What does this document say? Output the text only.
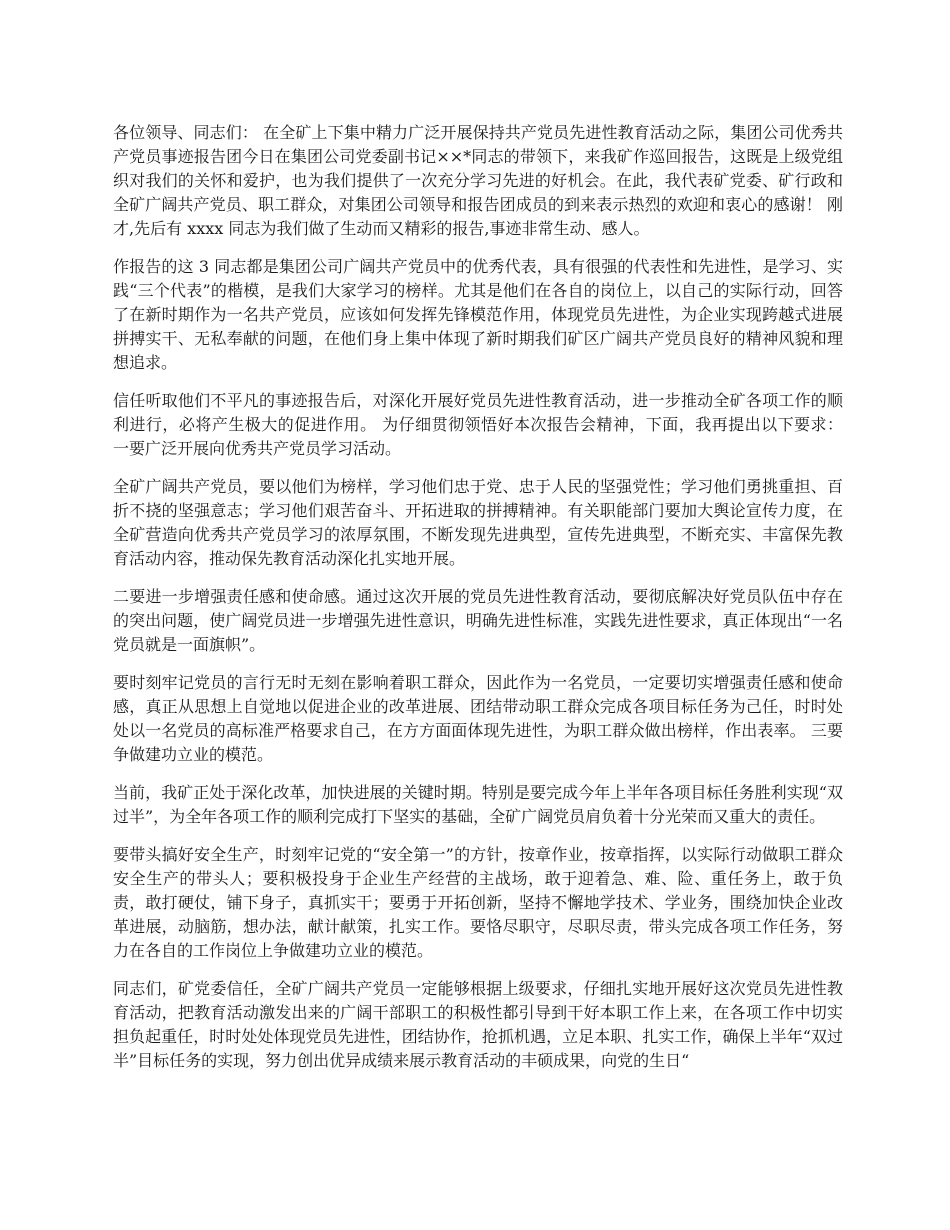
各位领导、同志们： 在全矿上下集中精力广泛开展保持共产党员先进性教育活动之际，集团公司优秀共产党员事迹报告团今日在集团公司党委副书记××*同志的带领下，来我矿作巡回报告，这既是上级党组织对我们的关怀和爱护，也为我们提供了一次充分学习先进的好机会。在此，我代表矿党委、矿行政和全矿广阔共产党员、职工群众，对集团公司领导和报告团成员的到来表示热烈的欢迎和衷心的感谢！ 刚才,先后有 xxxx 同志为我们做了生动而又精彩的报告,事迹非常生动、感人。

作报告的这 3 同志都是集团公司广阔共产党员中的优秀代表，具有很强的代表性和先进性，是学习、实践“三个代表”的楷模，是我们大家学习的榜样。尤其是他们在各自的岗位上，以自己的实际行动，回答了在新时期作为一名共产党员，应该如何发挥先锋模范作用，体现党员先进性，为企业实现跨越式进展拼搏实干、无私奉献的问题，在他们身上集中体现了新时期我们矿区广阔共产党员良好的精神风貌和理想追求。

信任听取他们不平凡的事迹报告后，对深化开展好党员先进性教育活动，进一步推动全矿各项工作的顺利进行，必将产生极大的促进作用。 为仔细贯彻领悟好本次报告会精神，下面，我再提出以下要求： 一要广泛开展向优秀共产党员学习活动。

全矿广阔共产党员，要以他们为榜样，学习他们忠于党、忠于人民的坚强党性；学习他们勇挑重担、百折不挠的坚强意志；学习他们艰苦奋斗、开拓进取的拼搏精神。有关职能部门要加大舆论宣传力度，在全矿营造向优秀共产党员学习的浓厚氛围，不断发现先进典型，宣传先进典型，不断充实、丰富保先教育活动内容，推动保先教育活动深化扎实地开展。

二要进一步增强责任感和使命感。通过这次开展的党员先进性教育活动，要彻底解决好党员队伍中存在的突出问题，使广阔党员进一步增强先进性意识，明确先进性标准，实践先进性要求，真正体现出“一名党员就是一面旗帜”。

要时刻牢记党员的言行无时无刻在影响着职工群众，因此作为一名党员，一定要切实增强责任感和使命感，真正从思想上自觉地以促进企业的改革进展、团结带动职工群众完成各项目标任务为己任，时时处处以一名党员的高标准严格要求自己，在方方面面体现先进性，为职工群众做出榜样，作出表率。 三要争做建功立业的模范。

当前，我矿正处于深化改革，加快进展的关键时期。特别是要完成今年上半年各项目标任务胜利实现“双过半”，为全年各项工作的顺利完成打下坚实的基础，全矿广阔党员肩负着十分光荣而又重大的责任。

要带头搞好安全生产，时刻牢记党的“安全第一”的方针，按章作业，按章指挥，以实际行动做职工群众安全生产的带头人；要积极投身于企业生产经营的主战场，敢于迎着急、难、险、重任务上，敢于负责，敢打硬仗，铺下身子，真抓实干；要勇于开拓创新，坚持不懈地学技术、学业务，围绕加快企业改革进展，动脑筋，想办法，献计献策，扎实工作。要恪尽职守，尽职尽责，带头完成各项工作任务，努力在各自的工作岗位上争做建功立业的模范。

同志们，矿党委信任，全矿广阔共产党员一定能够根据上级要求，仔细扎实地开展好这次党员先进性教育活动，把教育活动激发出来的广阔干部职工的积极性都引导到干好本职工作上来，在各项工作中切实担负起重任，时时处处体现党员先进性，团结协作，抢抓机遇，立足本职、扎实工作，确保上半年“双过半”目标任务的实现，努力创出优异成绩来展示教育活动的丰硕成果，向党的生日“
